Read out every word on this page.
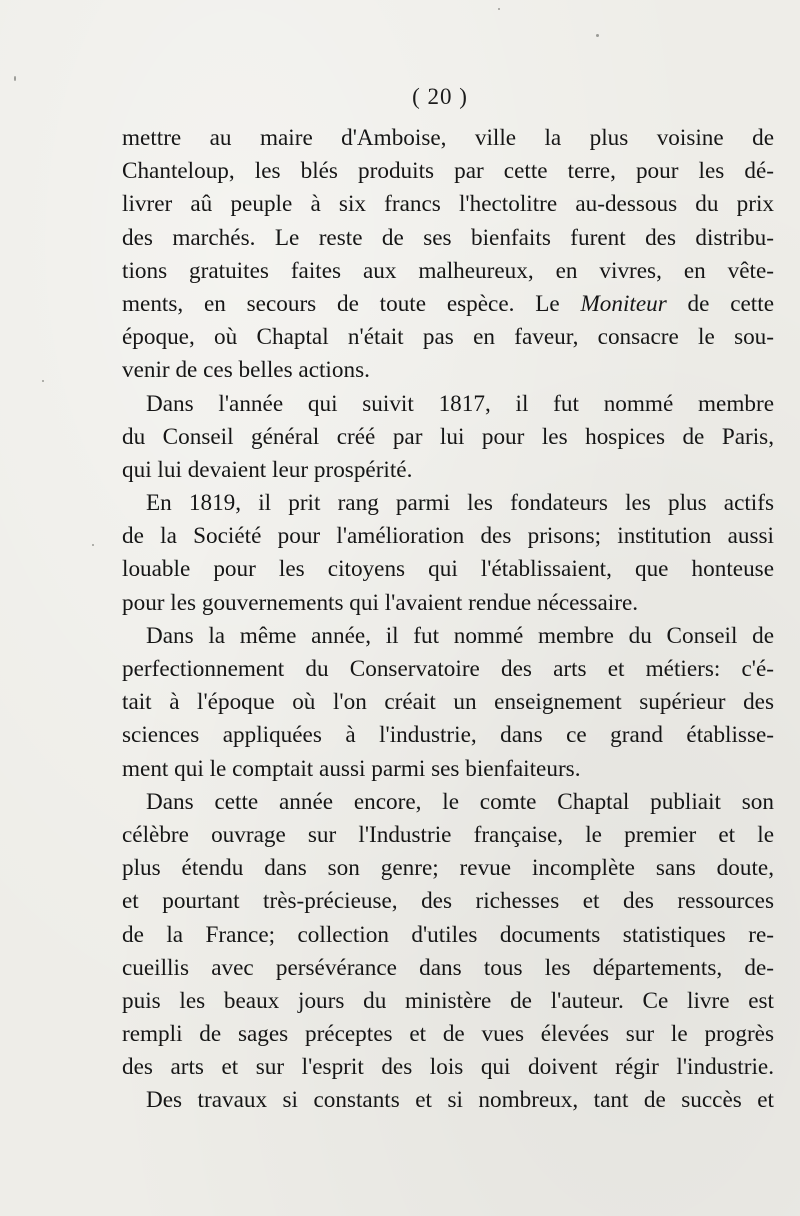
( 20 )
mettre au maire d'Amboise, ville la plus voisine de
Chanteloup, les blés produits par cette terre, pour les dé-
livrer aû peuple à six francs l'hectolitre au-dessous du prix
des marchés. Le reste de ses bienfaits furent des distribu-
tions gratuites faites aux malheureux, en vivres, en vête-
ments, en secours de toute espèce. Le Moniteur de cette
époque, où Chaptal n'était pas en faveur, consacre le sou-
venir de ces belles actions.
Dans l'année qui suivit 1817, il fut nommé membre
du Conseil général créé par lui pour les hospices de Paris,
qui lui devaient leur prospérité.
En 1819, il prit rang parmi les fondateurs les plus actifs
de la Société pour l'amélioration des prisons; institution aussi
louable pour les citoyens qui l'établissaient, que honteuse
pour les gouvernements qui l'avaient rendue nécessaire.
Dans la même année, il fut nommé membre du Conseil de
perfectionnement du Conservatoire des arts et métiers: c'é-
tait à l'époque où l'on créait un enseignement supérieur des
sciences appliquées à l'industrie, dans ce grand établisse-
ment qui le comptait aussi parmi ses bienfaiteurs.
Dans cette année encore, le comte Chaptal publiait son
célèbre ouvrage sur l'Industrie française, le premier et le
plus étendu dans son genre; revue incomplète sans doute,
et pourtant très-précieuse, des richesses et des ressources
de la France; collection d'utiles documents statistiques re-
cueillis avec persévérance dans tous les départements, de-
puis les beaux jours du ministère de l'auteur. Ce livre est
rempli de sages préceptes et de vues élevées sur le progrès
des arts et sur l'esprit des lois qui doivent régir l'industrie.
Des travaux si constants et si nombreux, tant de succès et
